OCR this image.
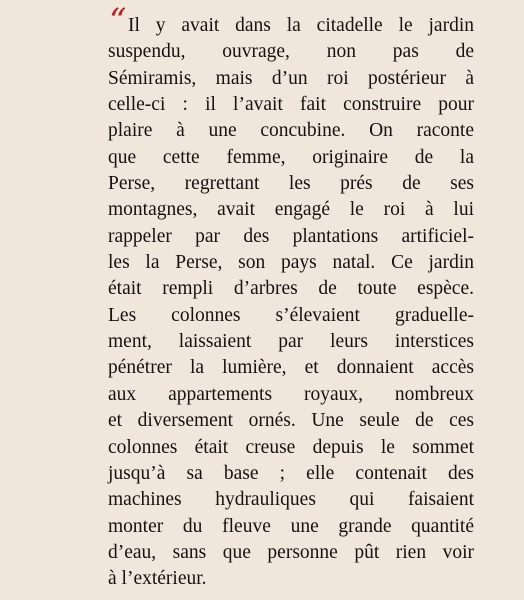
“ Il y avait dans la citadelle le jardin
suspendu, ouvrage, non pas de
Sémiramis, mais d’un roi postérieur à
celle-ci : il l’avait fait construire pour
plaire à une concubine. On raconte
que cette femme, originaire de la
Perse, regrettant les prés de ses
montagnes, avait engagé le roi à lui
rappeler par des plantations artificiel-
les la Perse, son pays natal. Ce jardin
était rempli d’arbres de toute espèce.
Les colonnes s’élevaient graduelle-
ment, laissaient par leurs interstices
pénétrer la lumière, et donnaient accès
aux appartements royaux, nombreux
et diversement ornés. Une seule de ces
colonnes était creuse depuis le sommet
jusqu’à sa base ; elle contenait des
machines hydrauliques qui faisaient
monter du fleuve une grande quantité
d’eau, sans que personne pût rien voir
à l’extérieur.
